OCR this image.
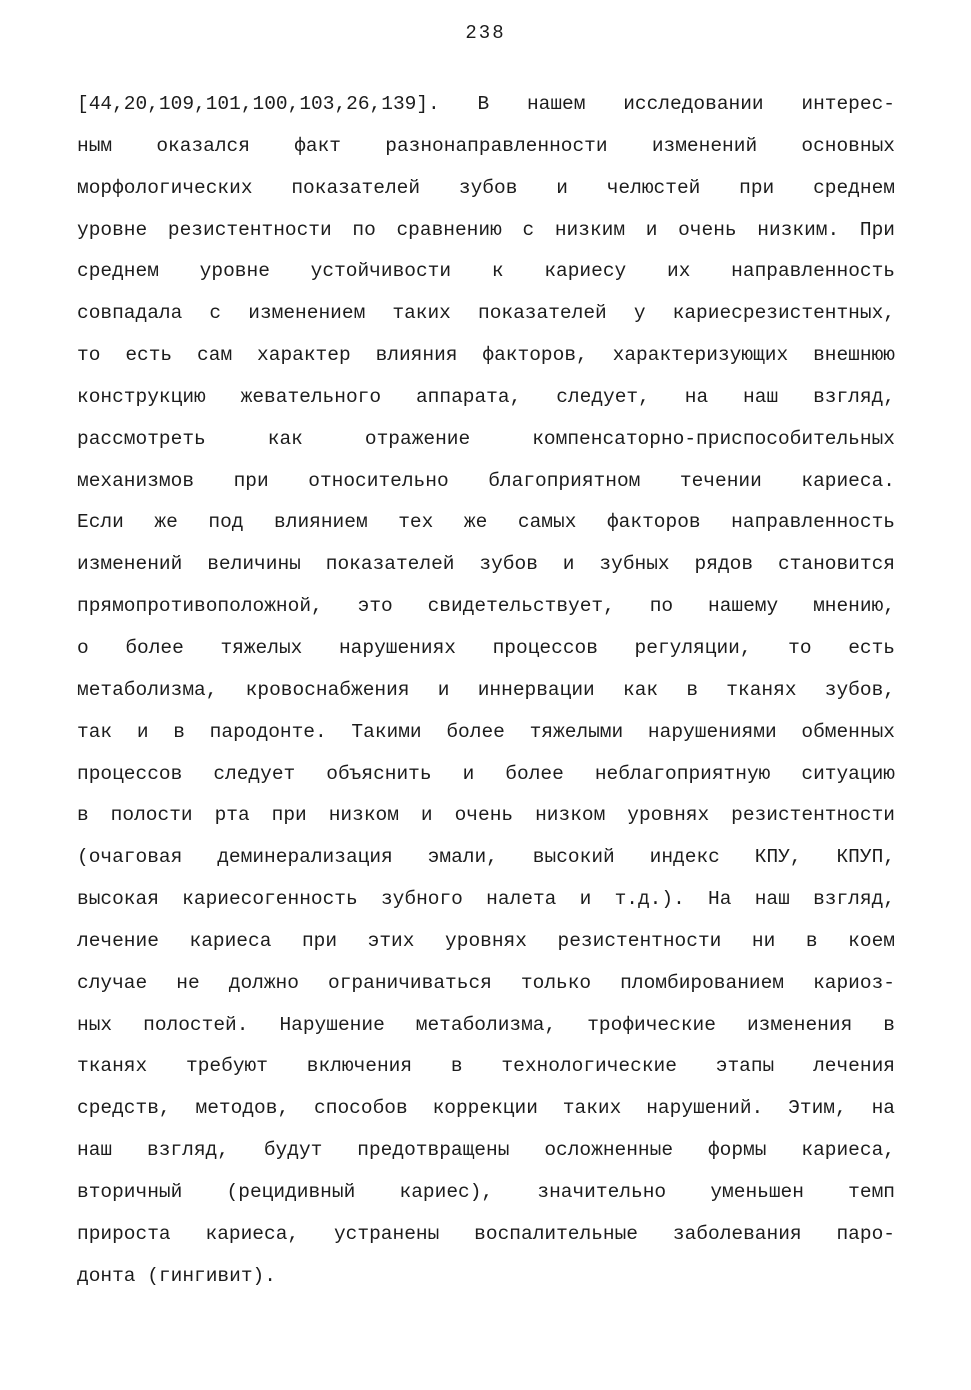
238
[44,20,109,101,100,103,26,139]. В нашем исследовании интерес-
ным оказался факт разнонаправленности изменений основных
морфологических показателей зубов и челюстей при среднем
уровне резистентности по сравнению с низким и очень низким. При
среднем уровне устойчивости к кариесу их направленность
совпадала с изменением таких показателей у кариесрезистентных,
то есть сам характер влияния факторов, характеризующих внешнюю
конструкцию жевательного аппарата, следует, на наш взгляд,
рассмотреть как отражение компенсаторно-приспособительных
механизмов при относительно благоприятном течении кариеса.
Если же под влиянием тех же самых факторов направленность
изменений величины показателей зубов и зубных рядов становится
прямопротивоположной, это свидетельствует, по нашему мнению,
о более тяжелых нарушениях процессов регуляции, то есть
метаболизма, кровоснабжения и иннервации как в тканях зубов,
так и в пародонте. Такими более тяжелыми нарушениями обменных
процессов следует объяснить и более неблагоприятную ситуацию
в полости рта при низком и очень низком уровнях резистентности
(очаговая деминерализация эмали, высокий индекс КПУ, КПУП,
высокая кариесогенность зубного налета и т.д.). На наш взгляд,
лечение кариеса при этих уровнях резистентности ни в коем
случае не должно ограничиваться только пломбированием кариоз-
ных полостей. Нарушение метаболизма, трофические изменения в
тканях требуют включения в технологические этапы лечения
средств, методов, способов коррекции таких нарушений. Этим, на
наш взгляд, будут предотвращены осложненные формы кариеса,
вторичный (рецидивный кариес), значительно уменьшен темп
прироста кариеса, устранены воспалительные заболевания паро-
донта (гингивит).
